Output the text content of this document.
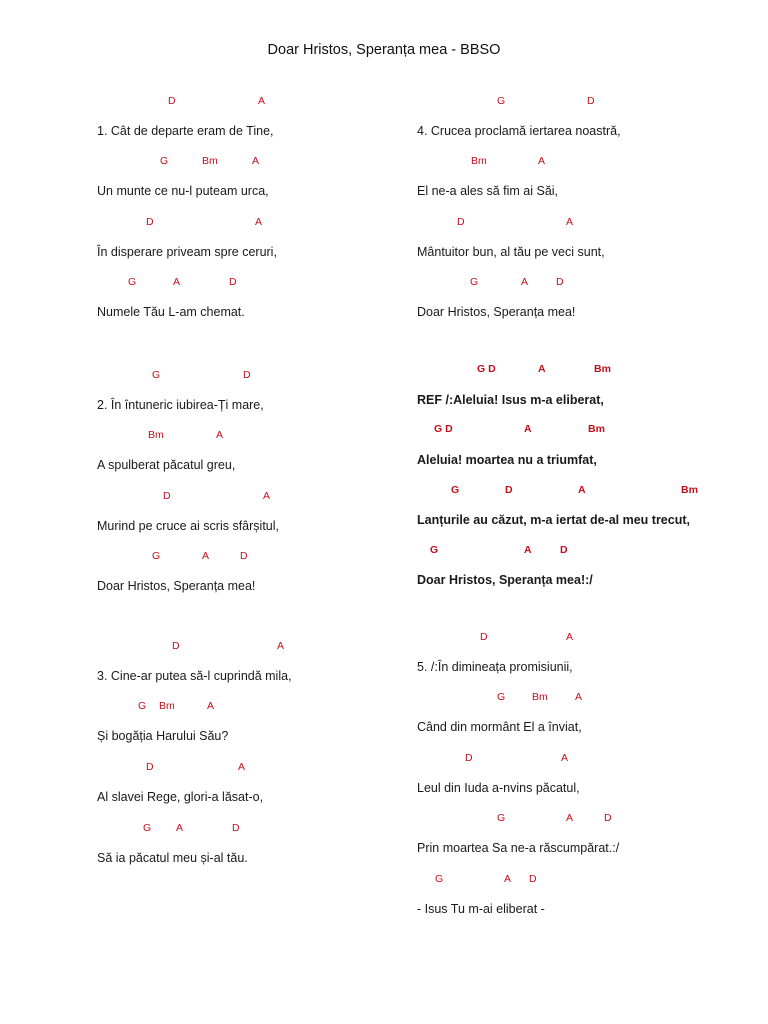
Doar Hristos, Speranța mea - BBSO
D	A
1. Cât de departe eram de Tine,
G	Bm	A
Un munte ce nu-l puteam urca,
D	A
În disperare priveam spre ceruri,
G	A	D
Numele Tău L-am chemat.
G	D
2. În întuneric iubirea-Ți mare,
Bm	A
A spulberat păcatul greu,
D	A
Murind pe cruce ai scris sfârșitul,
G	A	D
Doar Hristos, Speranța mea!
D	A
3. Cine-ar putea să-l cuprindă mila,
G Bm	A
Și bogăția Harului Său?
D	A
Al slavei Rege, glori-a lăsat-o,
G A	D
Să ia păcatul meu și-al tău.
G	D
4. Crucea proclamă iertarea noastră,
Bm	A
El ne-a ales să fim ai Săi,
D	A
Mântuitor bun, al tău pe veci sunt,
G	A	D
Doar Hristos, Speranța mea!
G D	A	Bm
REF /:Aleluia! Isus m-a eliberat,
G D	A	Bm
Aleluia! moartea nu a triumfat,
G	D	A	Bm
Lanțurile au căzut, m-a iertat de-al meu trecut,
G	A	D
Doar Hristos, Speranța mea!:/
D	A
5. /:În dimineața promisiunii,
G	Bm	A
Când din mormânt El a înviat,
D	A
Leul din Iuda a-nvins păcatul,
G	A	D
Prin moartea Sa ne-a răscumpărat.:/
G	A D
- Isus Tu m-ai eliberat -
